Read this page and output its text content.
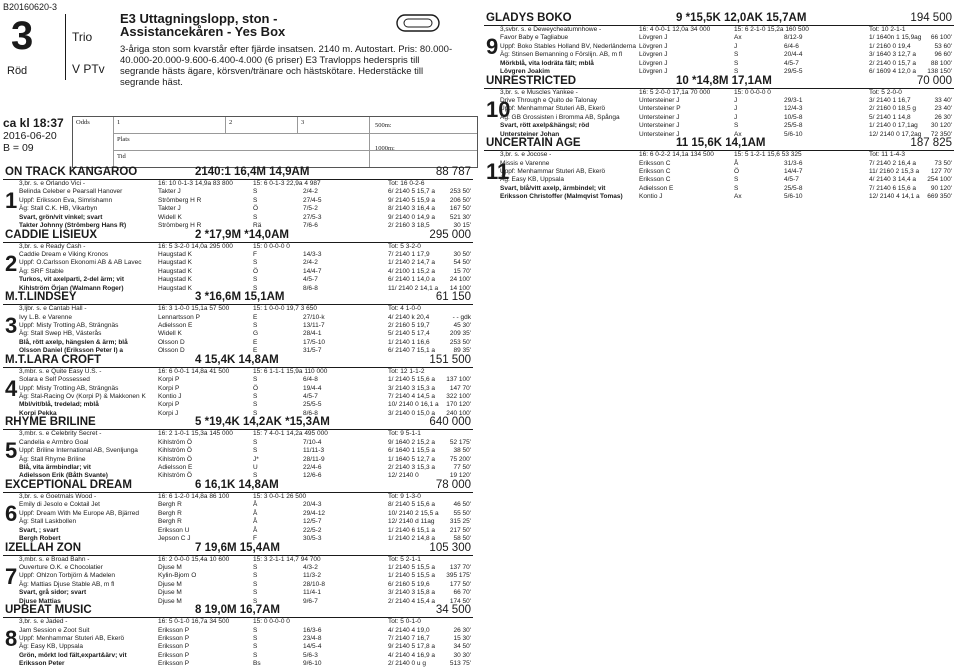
B20160620-3
3
Röd
Trio
V PTv
E3 Uttagningslopp, ston - Assistancekåren - Yes Box
3-åriga ston som kvarstår efter fjärde insatsen. 2140 m. Autostart. Pris: 80.000-40.000-20.000-9.600-6.400-4.000 (6 priser) E3 Travlopps hederspris till segrande hästs ägare, körsven/tränare och hästskötare. Hederstäcke till segrande häst.
ca kl 18:37
2016-06-20
B = 09
Odds	1	2	3
Plats
Tid
500m:
1000m:
ON TRACK KANGAROO	2140:1 16,4M 14,9AM	88 787
1
3,br. s. e Orlando Vici -	16: 10 0-1-3 14,9a 83 800	15: 6 0-1-3 22,9a 4 987	Tot: 16 0-2-6
Belinda Celeber e Pearsall Hanover	Takter J	S	2/4-2	6/ 2140 5 15,7 a 253 50'
Uppf: Eriksson Eva, Simrishamn	Strömberg H R	S	27/4-5	9/ 2140 5 15,9 a 206 50'
Äg: Stall C.K. HB, Vikarbyn	Takter J	Ö	7/5-2	8/ 2140 3 16,4 a 167 50'
Svart, grön/vit vinkel; svart	Widell K	S	27/5-3	9/ 2140 0 14,9 a 521 30'
Takter Johnny (Strömberg Hans R)	Strömberg H R	Rä	7/6-6	2/ 2160 3 18,5	30 15'
CADDIE LISIEUX	2 *17,9M *14,0AM	295 000
2
3,br. s. e Ready Cash -	16: 5 3-2-0 14,0a 295 000	15: 0 0-0-0 0	Tot: 5 3-2-0
Caddie Dream e Viking Kronos	Haugstad K	F	14/3-3	7/ 2140 1 17,9	30 50'
Uppf: O.Carlsson Ekonomi AB & AB Lavec	Haugstad K	S	2/4-2	1/ 2140 2 14,7 a	54 50'
Äg: SRF Stable	Haugstad K	Ö	14/4-7	4/ 2100 1 15,2 a	15 70'
Turkos, vit axelparti, 2-del ärm; vit	Haugstad K	S	4/5-7	6/ 2140 1 14,0 a 24 100'
Kihlström Örjan (Walmann Roger)	Haugstad K	S	8/6-8	11/ 2140 2 14,1 a 14 100'
M.T.LINDSEY	3 *16,6M 15,1AM	61 150
3
3,ljbr. s. e Cantab Hall -	16: 3 1-0-0 15,1a 57 500	15: 1 0-0-0 19,7 3 650	Tot: 4 1-0-0
Ivy L.B. e Varenne	Lennartsson P	E	27/10-k	4/ 2140 k 20,4	- - gdk
Uppf: Misty Trotting AB, Strängnäs	Adielsson E	S	13/11-7	2/ 2160 5 19,7	45 30'
Äg: Stall Swep HB, Västerås	Widell K	G	28/4-1	5/ 2140 5 17,4	209 35'
Blå, rött axelp, hängslen & ärm; blå	Olsson D	E	17/5-10	1/ 2140 1 16,6	253 50'
Olsson Daniel (Eriksson Peter I) a	Olsson D	E	31/5-7	6/ 2140 7 15,1 a	89 35'
M.T.LARA CROFT	4 15,4K 14,8AM	151 500
4
3,mbr. s. e Quite Easy U.S. -	16: 6 0-0-1 14,8a 41 500	15: 6 1-1-1 15,9a 110 000	Tot: 12 1-1-2
Solara e Self Possessed	Korpi P	S	6/4-8	1/ 2140 5 15,6 a 137 100'
Uppf: Misty Trotting AB, Strängnäs	Korpi P	Ö	19/4-4	3/ 2140 3 15,3 a 147 70'
Äg: Stal-Racing Ov (Korpi P) & Makkonen K Kontio J	S	4/5-7	7/ 2140 4 14,5 a 322 100'
Mbl/vit/blå, tredelad; mblå	Korpi P	S	25/5-5	10/ 2140 0 16,1 a 170 120'
Korpi Pekka	Korpi J	S	8/6-8	3/ 2140 0 15,0 a 240 100'
RHYME BRILINE	5 *19,4K 14,2AK *15,3AM	640 000
5
3,mbr. s. e Celebrity Secret -	16: 2 1-0-1 15,3a 145 000	15: 7 4-0-1 14,2a 495 000	Tot: 9 5-1-1
Candelia e Armbro Goal	Kihlström Ö	S	7/10-4	9/ 1640 2 15,2 a 52 175'
Uppf: Briline International AB, Svenljunga	Kihlström Ö	S	11/11-3	6/ 1640 1 15,5 a	38 50'
Äg: Stall Rhyme Briline	Kihlström Ö	J*	28/11-9	1/ 1640 5 12,7 a 75 200'
Blå, vita ärmbindlar; vit	Adielsson E	U	22/4-6	2/ 2140 3 15,3 a	77 50'
Adielsson Erik (Båth Svante)	Kihlström Ö	S	12/6-6	12/ 2140 0	19 120'
EXCEPTIONAL DREAM	6 16,1K 14,8AM	78 000
6
3,br. s. e Goetmals Wood -	16: 6 1-2-0 14,8a 86 100	15: 3 0-0-1 26 500	Tot: 9 1-3-0
Emily di Jesolo e Coktail Jet	Bergh R	Å	20/4-3	8/ 2140 5 15,6 a	46 50'
Uppf: Dream With Me Europe AB, Bjärred	Bergh R	Å	29/4-12	10/ 2140 2 15,5 a 55 50'
Äg: Stall Laskbollen	Bergh R	Å	12/5-7	12/ 2140 d 11ag 315 25'
Svart, ; svart	Eriksson U	Å	22/5-2	1/ 2140 6 15,1 a 217 50'
Bergh Robert	Jepson C J	F	30/5-3	1/ 2140 2 14,8 a	58 50'
IZELLAH ZON	7 19,6M 15,4AM	105 300
7
3,mbr. s. e Broad Bahn -	16: 2 0-0-0 15,4a 10 600	15: 3 2-1-1 14,7 94 700	Tot: 5 2-1-1
Ouverture O.K. e Chocolatier	Djuse M	S	4/3-2	1/ 2140 5 15,5 a 137 70'
Uppf: Ohlzon Torbjörn & Madelen	Kylin-Bjorn O	S	11/3-2	1/ 2140 5 15,5 a 395 175'
Äg: Mattias Djuse Stable AB, m fl	Djuse M	S	28/10-8	6/ 2160 5 19,6	177 50'
Svart, grå sidor; svart	Djuse M	S	11/4-1	3/ 2140 3 15,8 a	66 70'
Djuse Mattias	Djuse M	S	9/6-7	2/ 2140 4 15,4 a 174 50'
UPBEAT MUSIC	8 19,0M 16,7AM	34 500
8
3,br. s. e Jaded -	16: 5 0-1-0 16,7a 34 500	15: 0 0-0-0 0	Tot: 5 0-1-0
Jam Session e Zoot Suit	Eriksson P	S	16/3-6	4/ 2140 4 19,0	26 30'
Uppf: Menhammar Stuteri AB, Ekerö	Eriksson P	S	23/4-8	7/ 2140 7 16,7	15 30'
Äg: Easy KB, Uppsala	Eriksson P	S	14/5-4	9/ 2140 5 17,8 a	34 50'
Grön, mörkt lod fält,expart&ärv; vit	Eriksson P	S	5/6-3	4/ 2140 4 16,9 a	30 30'
Eriksson Peter	Eriksson P	Bs	9/6-10	2/ 2140 0 u g	513 75'
GLADYS BOKO	9 *15,5K 12,0AK 15,7AM	194 500
9
3,svbr. s. e Deweycheatumnhowe -	16: 4 0-0-1 12,0a 34 000	15: 6 2-1-0 15,2a 160 500	Tot: 10 2-1-1
Favor Baby e Tagliabue	Lövgren J	Ax	8/12-9	1/ 1640n 1 15,9ag 66 100'
Uppf: Boko Stables Holland BV, Nederländerna Lövgren J	J	6/4-6	1/ 2160 0 19,4	53 60'
Äg: Stinsen Bemanning o Förslijn. AB, m fl	Lövgren J	S	20/4-4	3/ 1640 3 12,7 a	96 60'
Mörkblå, vita lodräta fält; mblå	Lövgren J	S	4/5-7	2/ 2140 0 15,7 a 88 100'
Lövgren Joakim	Lövgren J	S	29/5-5	6/ 1609 4 12,0 a 138 150'
UNRESTRICTED	10 *14,8M 17,1AM	70 000
10
3,br. s. e Muscles Yankee -	16: 5 2-0-0 17,1a 70 000	15: 0 0-0-0 0	Tot: 5 2-0-0
Drive Through e Quito de Talonay	Untersteiner J	J	29/3-1	3/ 2140 1 16,7	33 40'
Uppf: Menhammar Stuteri AB, Ekerö	Untersteiner P	J	12/4-3	2/ 2160 0 18,5 g	23 40'
Äg: GB Grossisten i Bromma AB, Spånga	Untersteiner J	J	10/5-8	5/ 2140 1 14,8	26 30'
Svart, rött axelp&hängsl; röd	Untersteiner J	S	25/5-8	1/ 2140 0 17,1ag 30 120'
Untersteiner Johan	Untersteiner J	Ax	5/6-10	12/ 2140 0 17,2ag 72 350'
UNCERTAIN AGE	11 15,6K 14,1AM	187 825
11
3,br. s. e Jocose -	16: 6 0-2-2 14,1a 134 500	15: 5 1-2-1 15,6 53 325	Tot: 11 1-4-3
Missis e Varenne	Eriksson C	Å	31/3-6	7/ 2140 2 16,4 a	73 50'
Uppf: Menhammar Stuteri AB, Ekerö	Eriksson C	Ö	14/4-7	11/ 2160 2 15,3 a 127 70'
Äg: Easy KB, Uppsala	Eriksson C	S	4/5-7	4/ 2140 3 14,4 a 254 100'
Svart, blå/vitt axelp, ärmbindel; vit	Adielsson E	S	25/5-8	7/ 2140 6 15,6 a 90 120'
Eriksson Christoffer (Malmqvist Tomas)	Kontio J	Ax	5/6-10	12/ 2140 4 14,1 a 669 350'
